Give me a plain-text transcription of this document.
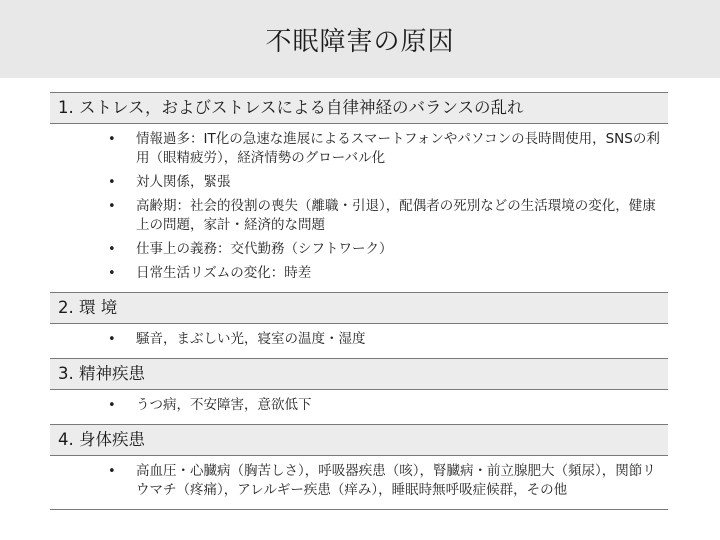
不眠障害の原因
1. ストレス，およびストレスによる自律神経のバランスの乱れ
• 情報過多：IT化の急速な進展によるスマートフォンやパソコンの長時間使用，SNSの利用（眼精疲労），経済情勢のグローバル化
• 対人関係，緊張
• 高齢期：社会的役割の喪失（離職・引退），配偶者の死別などの生活環境の変化，健康上の問題，家計・経済的な問題
• 仕事上の義務：交代勤務（シフトワーク）
• 日常生活リズムの変化：時差
2. 環 境
• 騒音，まぶしい光，寝室の温度・湿度
3. 精神疾患
• うつ病，不安障害，意欲低下
4. 身体疾患
• 高血圧・心臓病（胸苦しさ），呼吸器疾患（咳），腎臓病・前立腺肥大（頻尿），関節リウマチ（疼痛），アレルギー疾患（痒み），睡眠時無呼吸症候群，その他
